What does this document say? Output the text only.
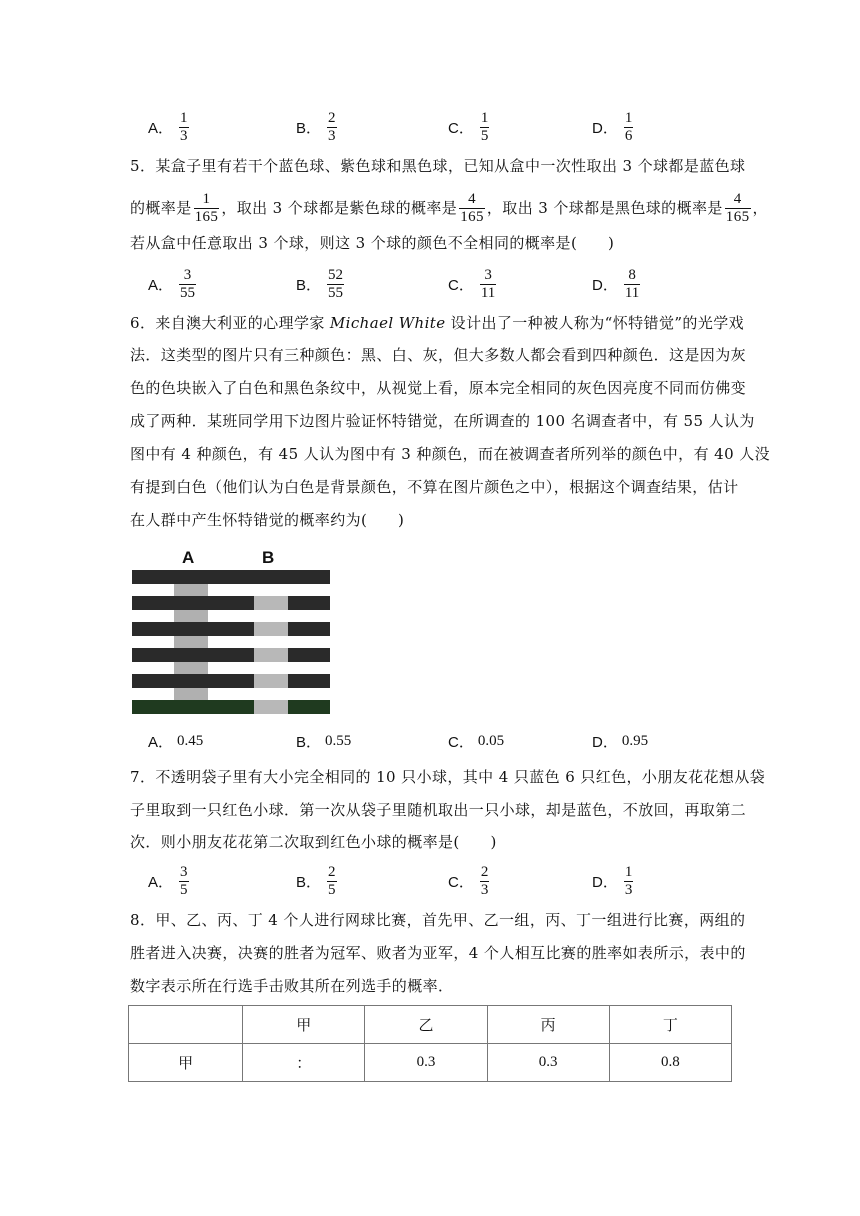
A． $\frac{1}{3}$	B． $\frac{2}{3}$	C． $\frac{1}{5}$	D． $\frac{1}{6}$
5．某盒子里有若干个蓝色球、紫色球和黑色球，已知从盒中一次性取出 3 个球都是蓝色球
的概率是 $\frac{1}{165}$ ，取出 3 个球都是紫色球的概率是 $\frac{4}{165}$ ，取出 3 个球都是黑色球的概率是 $\frac{4}{165}$ ，
若从盒中任意取出 3 个球，则这 3 个球的颜色不全相同的概率是(　　)
A． $\frac{3}{55}$	B． $\frac{52}{55}$	C． $\frac{3}{11}$	D． $\frac{8}{11}$
6．来自澳大利亚的心理学家 Michael White 设计出了一种被人称为“怀特错觉”的光学戏
法．这类型的图片只有三种颜色：黑、白、灰，但大多数人都会看到四种颜色．这是因为灰
色的色块嵌入了白色和黑色条纹中，从视觉上看，原本完全相同的灰色因亮度不同而仿佛变
成了两种．某班同学用下边图片验证怀特错觉，在所调查的 100 名调查者中，有 55 人认为
图中有 4 种颜色，有 45 人认为图中有 3 种颜色，而在被调查者所列举的颜色中，有 40 人没
有提到白色（他们认为白色是背景颜色，不算在图片颜色之中），根据这个调查结果，估计
在人群中产生怀特错觉的概率约为(　　)
A	B
A． 0.45	B． 0.55	C． 0.05	D． 0.95
7．不透明袋子里有大小完全相同的 10 只小球，其中 4 只蓝色 6 只红色，小朋友花花想从袋
子里取到一只红色小球．第一次从袋子里随机取出一只小球，却是蓝色，不放回，再取第二
次．则小朋友花花第二次取到红色小球的概率是(　　)
A． $\frac{3}{5}$	B． $\frac{2}{5}$	C． $\frac{2}{3}$	D． $\frac{1}{3}$
8．甲、乙、丙、丁 4 个人进行网球比赛，首先甲、乙一组，丙、丁一组进行比赛，两组的
胜者进入决赛，决赛的胜者为冠军、败者为亚军，4 个人相互比赛的胜率如表所示，表中的
数字表示所在行选手击败其所在列选手的概率．
	甲	乙	丙	丁
甲	：	0.3	0.3	0.8
